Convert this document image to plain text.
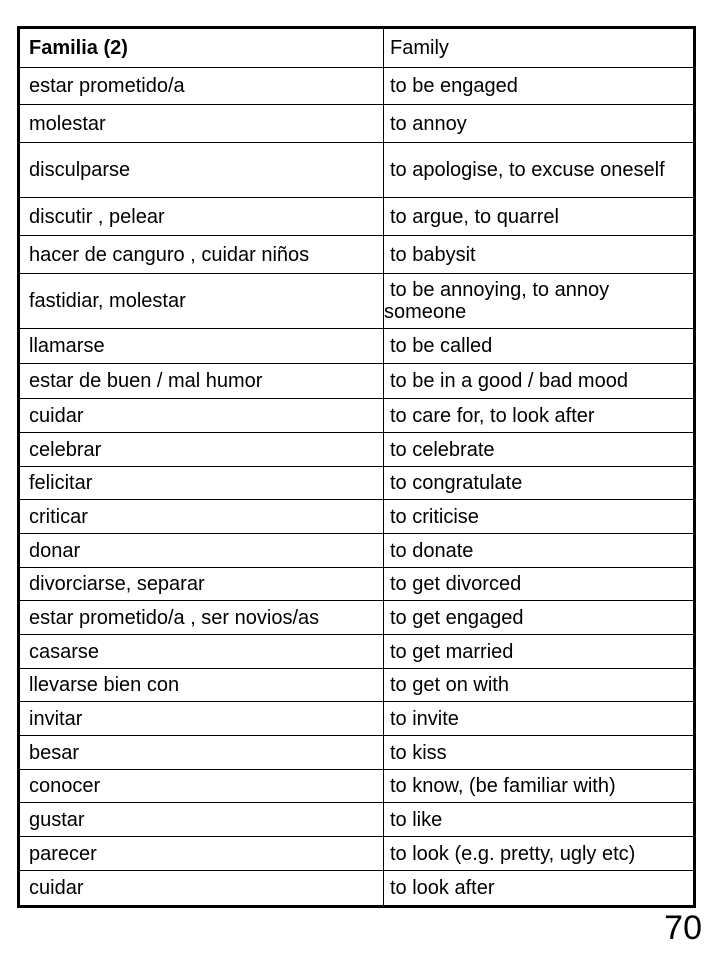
Familia (2)	Family
estar prometido/a	to be engaged
molestar	to annoy
disculparse	to apologise, to excuse oneself

discutir , pelear	to argue, to quarrel
hacer de canguro , cuidar niños	to babysit
fastidiar, molestar	to be annoying, to annoy someone

llamarse	to be called
estar de buen / mal humor	to be in a good / bad mood
cuidar	to care for, to look after
celebrar	to celebrate
felicitar	to congratulate
criticar	to criticise
donar	to donate
divorciarse, separar	to get divorced
estar prometido/a , ser novios/as	to get engaged
casarse	to get married
llevarse bien con	to get on with
invitar	to invite
besar	to kiss
conocer	to know, (be familiar with)
gustar	to like
parecer	to look (e.g. pretty, ugly etc)
cuidar	to look after
70
